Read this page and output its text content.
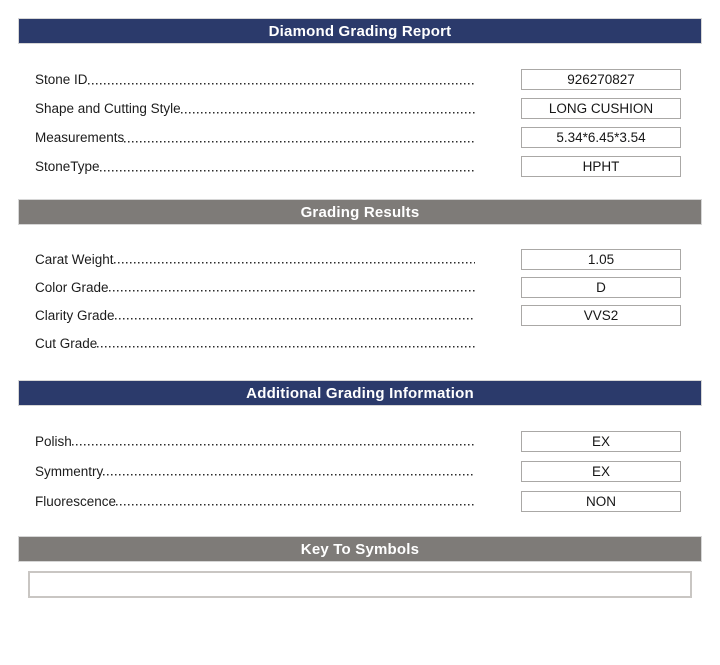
Diamond Grading Report
Stone ID	926270827
Shape and Cutting Style	LONG CUSHION
Measurements	5.34*6.45*3.54
StoneType	HPHT
Grading Results
Carat Weight	1.05
Color Grade	D
Clarity Grade	VVS2
Cut Grade
Additional Grading Information
Polish	EX
Symmentry	EX
Fluorescence	NON
Key To Symbols
